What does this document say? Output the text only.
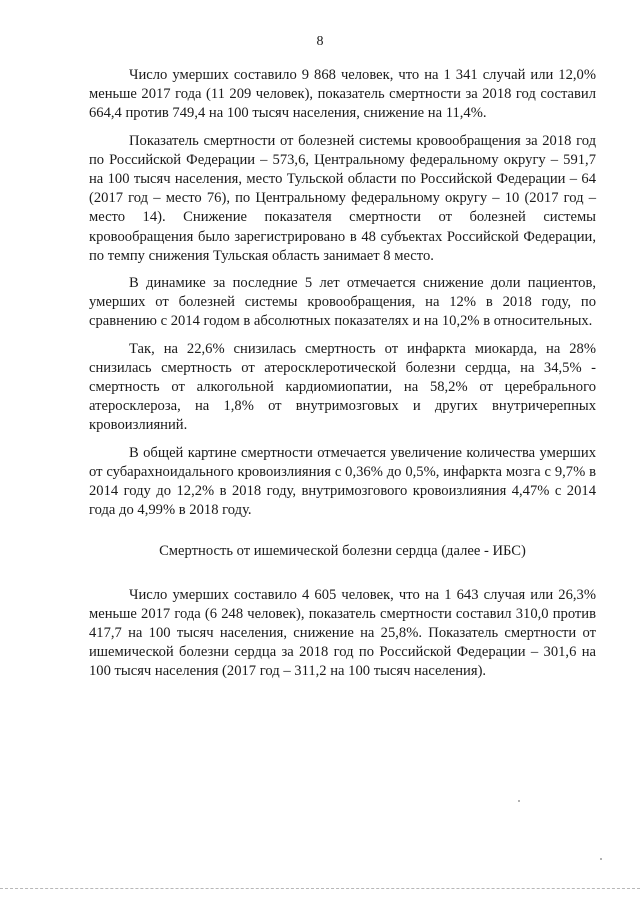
8

Число умерших составило 9 868 человек, что на 1 341 случай или 12,0% меньше 2017 года (11 209 человек), показатель смертности за 2018 год составил 664,4 против 749,4 на 100 тысяч населения, снижение на 11,4%.

Показатель смертности от болезней системы кровообращения за 2018 год по Российской Федерации – 573,6, Центральному федеральному округу – 591,7 на 100 тысяч населения, место Тульской области по Российской Федерации – 64 (2017 год – место 76), по Центральному федеральному округу – 10 (2017 год – место 14). Снижение показателя смертности от болезней системы кровообращения было зарегистрировано в 48 субъектах Российской Федерации, по темпу снижения Тульская область занимает 8 место.

В динамике за последние 5 лет отмечается снижение доли пациентов, умерших от болезней системы кровообращения, на 12% в 2018 году, по сравнению с 2014 годом в абсолютных показателях и на 10,2% в относительных.

Так, на 22,6% снизилась смертность от инфаркта миокарда, на 28% снизилась смертность от атеросклеротической болезни сердца, на 34,5% - смертность от алкогольной кардиомиопатии, на 58,2% от церебрального атеросклероза, на 1,8% от внутримозговых и других внутричерепных кровоизлияний.

В общей картине смертности отмечается увеличение количества умерших от субарахноидального кровоизлияния с 0,36% до 0,5%, инфаркта мозга с 9,7% в 2014 году до 12,2% в 2018 году, внутримозгового кровоизлияния 4,47% с 2014 года до 4,99% в 2018 году.

Смертность от ишемической болезни сердца (далее - ИБС)

Число умерших составило 4 605 человек, что на 1 643 случая или 26,3% меньше 2017 года (6 248 человек), показатель смертности составил 310,0 против 417,7 на 100 тысяч населения, снижение на 25,8%. Показатель смертности от ишемической болезни сердца за 2018 год по Российской Федерации – 301,6 на 100 тысяч населения (2017 год – 311,2 на 100 тысяч населения).
